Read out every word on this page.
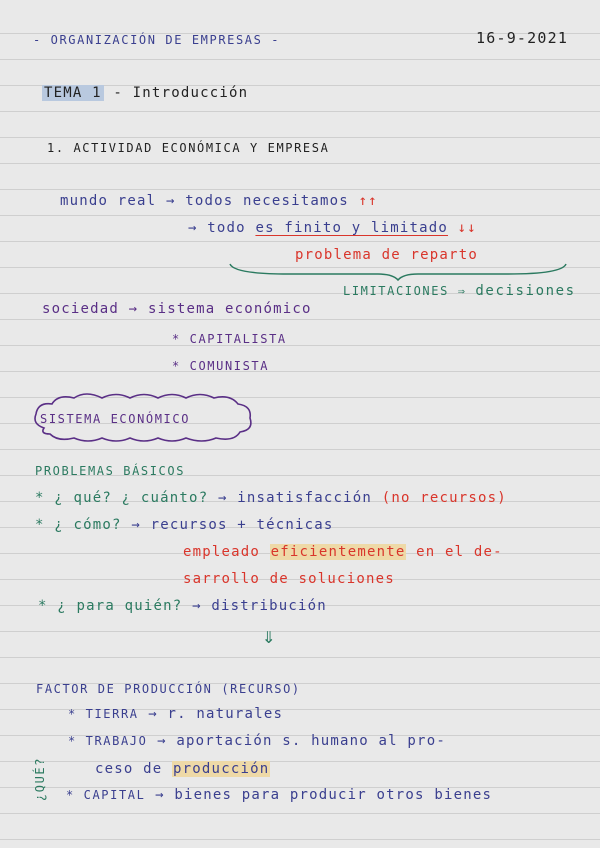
- ORGANIZACIÓN DE EMPRESAS -	16-9-2021
TEMA 1 - Introducción
1. ACTIVIDAD ECONÓMICA Y EMPRESA
mundo real → todos necesitamos ↑↑
→ todo es finito y limitado ↓↓
problema de reparto
LIMITACIONES ⇒ decisiones
sociedad → sistema económico
* CAPITALISTA
* COMUNISTA
SISTEMA ECONÓMICO
PROBLEMAS BÁSICOS
* ¿ qué? ¿ cuánto? → insatisfacción (no recursos)
* ¿ cómo? → recursos + técnicas
empleado eficientemente en el de-
sarrollo de soluciones
* ¿ para quién? → distribución
⇓
FACTOR DE PRODUCCIÓN (RECURSO)
¿QUÉ?
* TIERRA → r. naturales
* TRABAJO → aportación s. humano al pro-
ceso de producción
* CAPITAL → bienes para producir otros bienes
